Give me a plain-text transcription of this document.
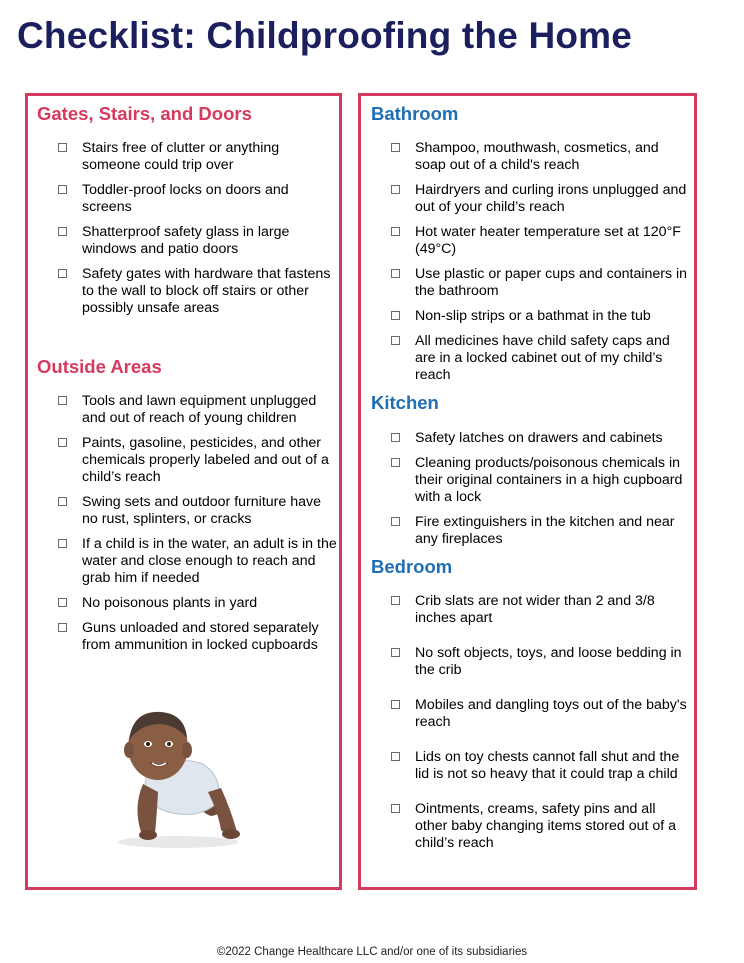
Checklist: Childproofing the Home
Gates, Stairs, and Doors
Stairs free of clutter or anything someone could trip over
Toddler-proof locks on doors and screens
Shatterproof safety glass in large windows and patio doors
Safety gates with hardware that fastens to the wall to block off stairs or other possibly unsafe areas
Outside Areas
Tools and lawn equipment unplugged and out of reach of young children
Paints, gasoline, pesticides, and other chemicals properly labeled and out of a child’s reach
Swing sets and outdoor furniture have no rust, splinters, or cracks
If a child is in the water, an adult is in the water and close enough to reach and grab him if needed
No poisonous plants in yard
Guns unloaded and stored separately from ammunition in locked cupboards
Bathroom
Shampoo, mouthwash, cosmetics, and soap out of a child's reach
Hairdryers and curling irons unplugged and out of your child’s reach
Hot water heater temperature set at 120°F (49°C)
Use plastic or paper cups and containers in the bathroom
Non-slip strips or a bathmat in the tub
All medicines have child safety caps and are in a locked cabinet out of my child’s reach
Kitchen
Safety latches on drawers and cabinets
Cleaning products/poisonous chemicals in their original containers in a high cupboard with a lock
Fire extinguishers in the kitchen and near any fireplaces
Bedroom
Crib slats are not wider than 2 and 3/8 inches apart
No soft objects, toys, and loose bedding in the crib
Mobiles and dangling toys out of the baby's reach
Lids on toy chests cannot fall shut and the lid is not so heavy that it could trap a child
Ointments, creams, safety pins and all other baby changing items stored out of a child’s reach
©2022 Change Healthcare LLC and/or one of its subsidiaries
